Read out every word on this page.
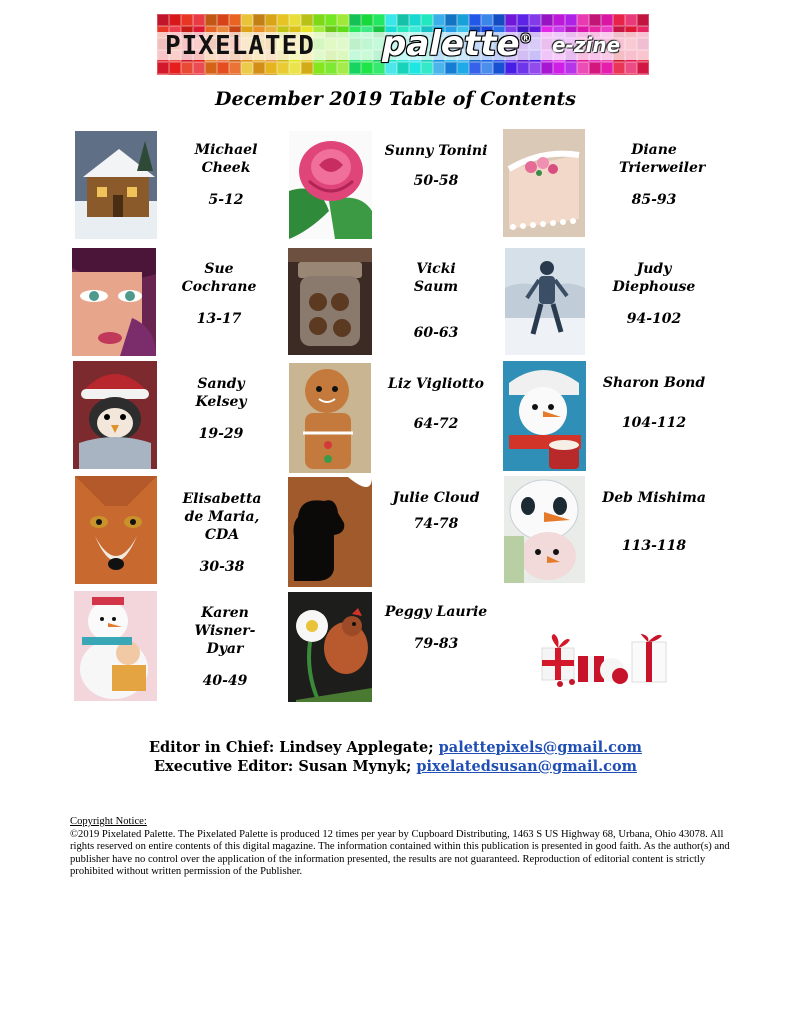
PIXELATED palette® e-zine
December 2019 Table of Contents
Michael Cheek
5-12
Sue Cochrane
13-17
Sandy Kelsey
19-29
Elisabetta de Maria, CDA
30-38
Karen Wisner-Dyar
40-49
Sunny Tonini
50-58
Vicki Saum
60-63
Liz Vigliotto
64-72
Julie Cloud
74-78
Peggy Laurie
79-83
Diane Trierweiler
85-93
Judy Diephouse
94-102
Sharon Bond
104-112
Deb Mishima
113-118
Editor in Chief: Lindsey Applegate; palettepixels@gmail.com
Executive Editor: Susan Mynyk; pixelatedsusan@gmail.com
Copyright Notice:
©2019 Pixelated Palette. The Pixelated Palette is produced 12 times per year by Cupboard Distributing, 1463 S US Highway 68, Urbana, Ohio 43078. All rights reserved on entire contents of this digital magazine. The information contained within this publication is presented in good faith. As the author(s) and publisher have no control over the application of the information presented, the results are not guaranteed. Reproduction of editorial content is strictly prohibited without written permission of the Publisher.
